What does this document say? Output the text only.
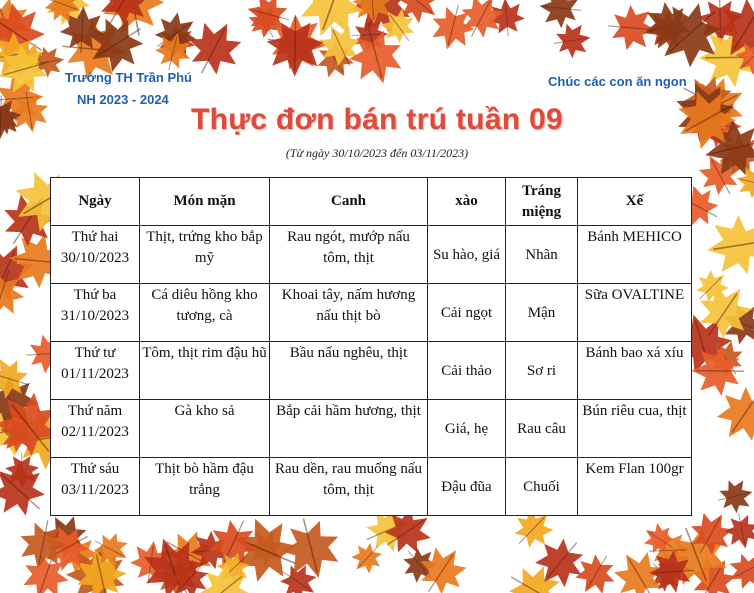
Trường TH Trần Phú
NH 2023 - 2024
Chúc các con ăn ngon
Thực đơn bán trú tuần 09
(Từ ngày 30/10/2023 đến 03/11/2023)
Ngày	Món mặn	Canh	xào	Tráng miệng	Xế
Thứ hai 30/10/2023	Thịt, trứng kho bắp mỹ	Rau ngót, mướp nấu tôm, thịt	Su hào, giá	Nhãn	Bánh MEHICO
Thứ ba 31/10/2023	Cá diêu hồng kho tương, cà	Khoai tây, nấm hương nấu thịt bò	Cải ngọt	Mận	Sữa OVALTINE
Thứ tư 01/11/2023	Tôm, thịt rim đậu hũ	Bầu nấu nghêu, thịt	Cải thảo	Sơ ri	Bánh bao xá xíu
Thứ năm 02/11/2023	Gà kho sả	Bắp cải hầm hương, thịt	Giá, hẹ	Rau câu	Bún riêu cua, thịt
Thứ sáu 03/11/2023	Thịt bò hầm đậu trắng	Rau dền, rau muống nấu tôm, thịt	Đậu đũa	Chuối	Kem Flan 100gr
